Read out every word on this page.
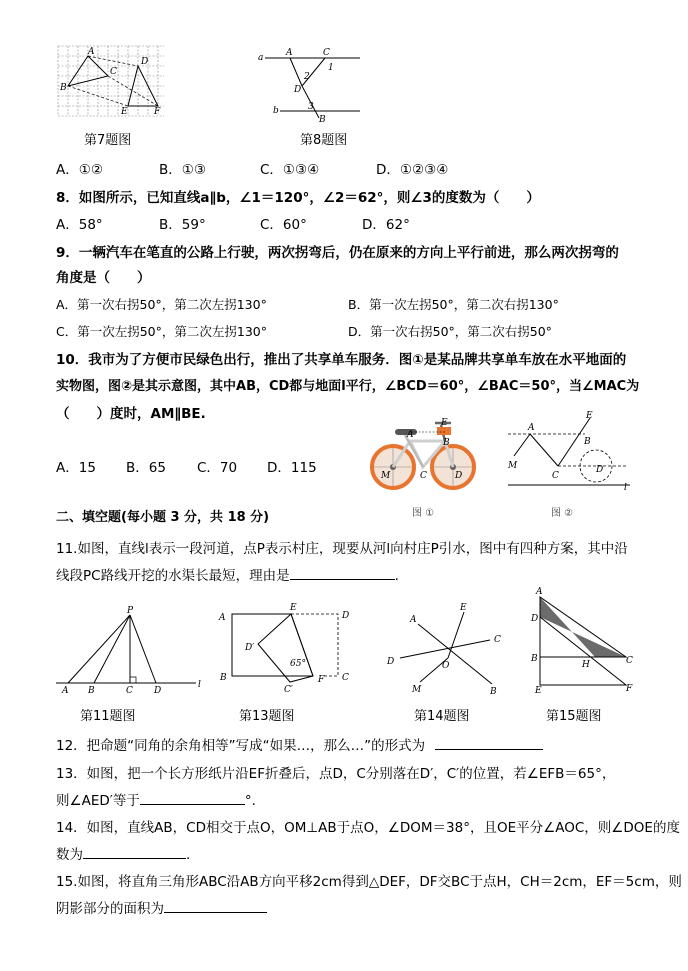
A
B
C
D
E	F
第7题图
a	A	C
1
2
D
3
b
B
第8题图
A．①②	B．①③	C．①③④	D．①②③④
8．如图所示，已知直线a∥b，∠1＝120°，∠2＝62°，则∠3的度数为（　　）
A．58°	B．59°	C．60°	D．62°
9．一辆汽车在笔直的公路上行驶，两次拐弯后，仍在原来的方向上平行前进，那么两次拐弯的
角度是（　　）
A．第一次右拐50°，第二次左拐130°	B．第一次左拐50°，第二次右拐130°
C．第一次左拐50°，第二次左拐130°	D．第一次右拐50°，第二次右拐50°
10．我市为了方便市民绿色出行，推出了共享单车服务．图①是某品牌共享单车放在水平地面的
实物图，图②是其示意图，其中AB，CD都与地面l平行，∠BCD＝60°，∠BAC＝50°，当∠MAC为
（　　）度时，AM∥BE.
A．15 B．65 C．70 D．115
A
E
B
M	C	D
图 ①
E
A
B
M
C
D
l
图 ②
二、填空题(每小题 3 分，共 18 分)
11.如图，直线l表示一段河道，点P表示村庄，现要从河l向村庄P引水，图中有四种方案，其中沿
线段PC路线开挖的水渠长最短，理由是	.
P
A B	C D
l
第11题图
A
E
D
D′
65°
B
C′
F C
第13题图
A
E
D
C
O
M	B
第14题图
A
D
B
H	C
E	F
第15题图
12．把命题“同角的余角相等”写成“如果…，那么…”的形式为
13．如图，把一个长方形纸片沿EF折叠后，点D，C分别落在D′，C′的位置，若∠EFB＝65°，
则∠AED′等于	°.
14．如图，直线AB，CD相交于点O，OM⊥AB于点O，∠DOM＝38°，且OE平分∠AOC，则∠DOE的度
数为	.
15.如图，将直角三角形ABC沿AB方向平移2cm得到△DEF，DF交BC于点H，CH＝2cm，EF＝5cm，则
阴影部分的面积为
